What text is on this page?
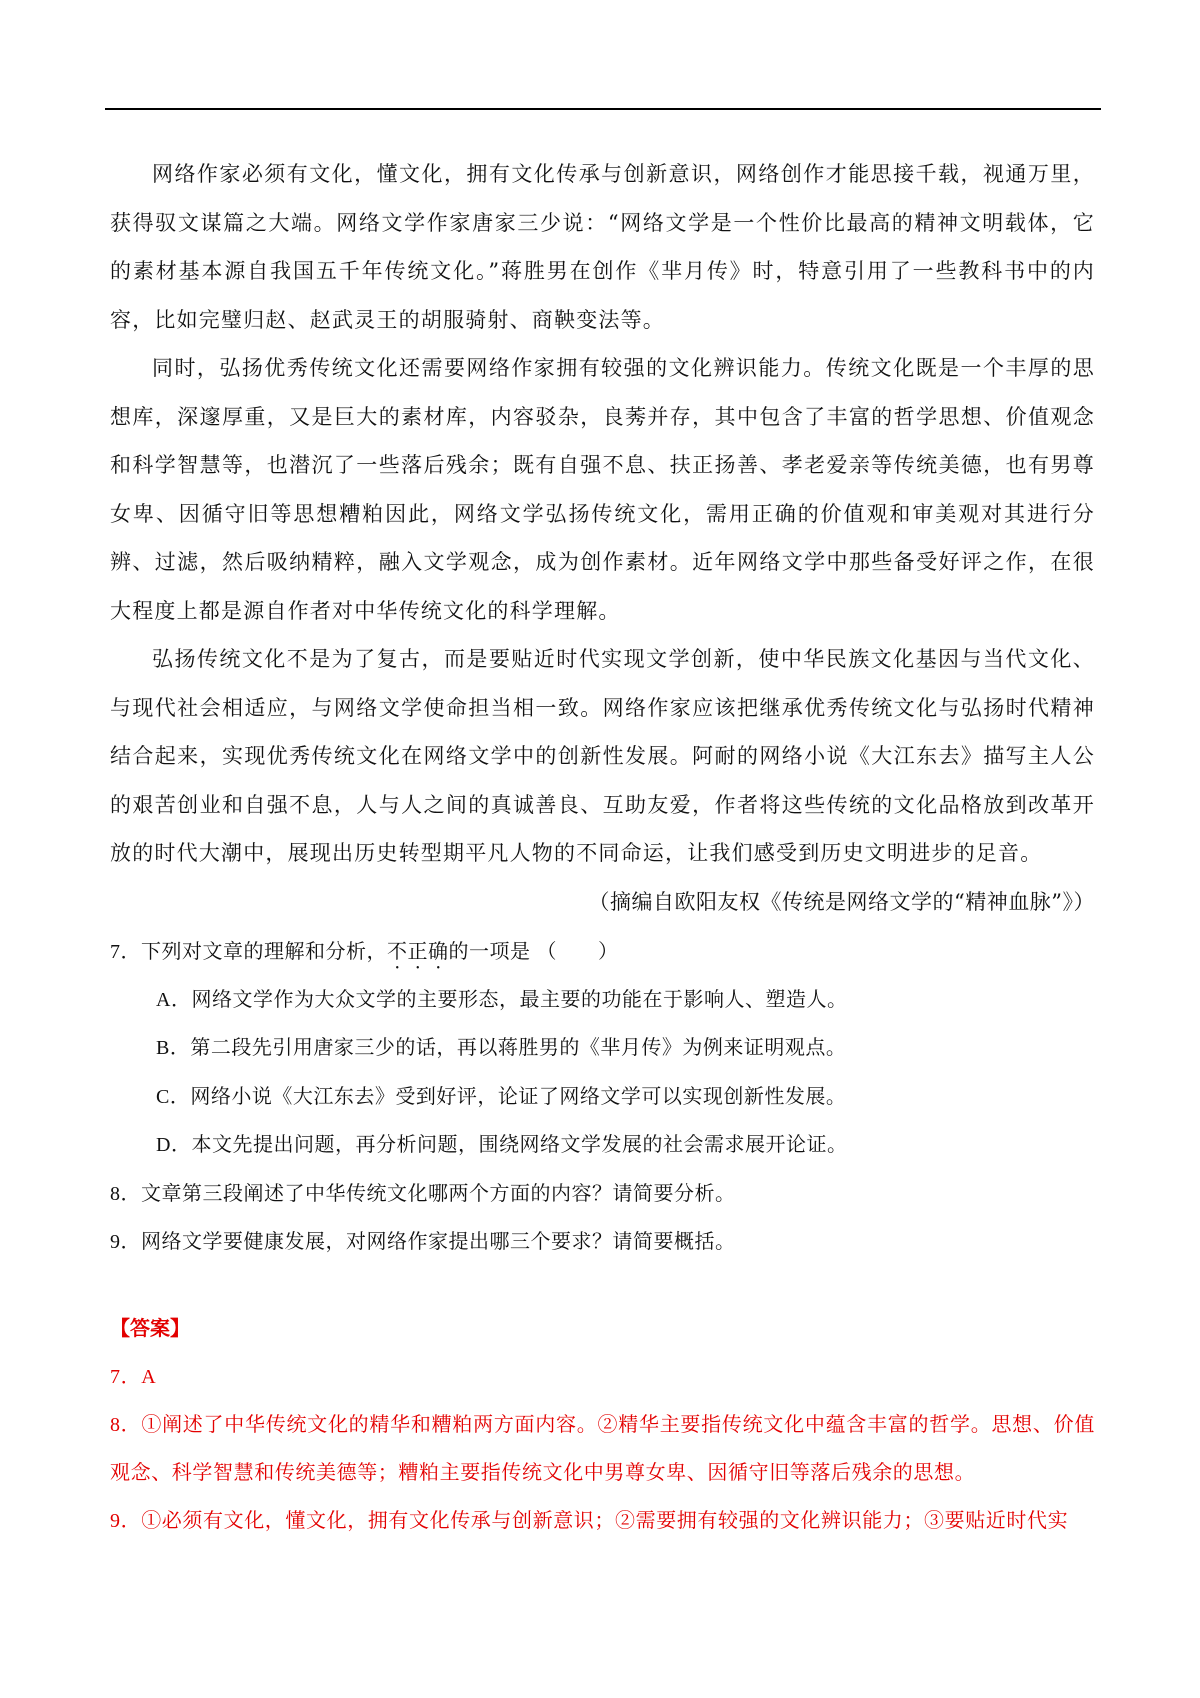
网络作家必须有文化，懂文化，拥有文化传承与创新意识，网络创作才能思接千载，视通万里，获得驭文谋篇之大端。网络文学作家唐家三少说：“网络文学是一个性价比最高的精神文明载体，它的素材基本源自我国五千年传统文化。”蒋胜男在创作《芈月传》时，特意引用了一些教科书中的内容，比如完璧归赵、赵武灵王的胡服骑射、商鞅变法等。

同时，弘扬优秀传统文化还需要网络作家拥有较强的文化辨识能力。传统文化既是一个丰厚的思想库，深邃厚重，又是巨大的素材库，内容驳杂，良莠并存，其中包含了丰富的哲学思想、价值观念和科学智慧等，也潜沉了一些落后残余；既有自强不息、扶正扬善、孝老爱亲等传统美德，也有男尊女卑、因循守旧等思想糟粕因此，网络文学弘扬传统文化，需用正确的价值观和审美观对其进行分辨、过滤，然后吸纳精粹，融入文学观念，成为创作素材。近年网络文学中那些备受好评之作，在很大程度上都是源自作者对中华传统文化的科学理解。

弘扬传统文化不是为了复古，而是要贴近时代实现文学创新，使中华民族文化基因与当代文化、与现代社会相适应，与网络文学使命担当相一致。网络作家应该把继承优秀传统文化与弘扬时代精神结合起来，实现优秀传统文化在网络文学中的创新性发展。阿耐的网络小说《大江东去》描写主人公的艰苦创业和自强不息，人与人之间的真诚善良、互助友爱，作者将这些传统的文化品格放到改革开放的时代大潮中，展现出历史转型期平凡人物的不同命运，让我们感受到历史文明进步的足音。

（摘编自欧阳友权《传统是网络文学的“精神血脉”》）

7．下列对文章的理解和分析，不正确的一项是 （　　）

A．网络文学作为大众文学的主要形态，最主要的功能在于影响人、塑造人。

B．第二段先引用唐家三少的话，再以蒋胜男的《芈月传》为例来证明观点。

C．网络小说《大江东去》受到好评，论证了网络文学可以实现创新性发展。

D．本文先提出问题，再分析问题，围绕网络文学发展的社会需求展开论证。

8．文章第三段阐述了中华传统文化哪两个方面的内容？请简要分析。

9．网络文学要健康发展，对网络作家提出哪三个要求？请简要概括。

【答案】

7．A

8．①阐述了中华传统文化的精华和糟粕两方面内容。②精华主要指传统文化中蕴含丰富的哲学。思想、价值观念、科学智慧和传统美德等；糟粕主要指传统文化中男尊女卑、因循守旧等落后残余的思想。

9．①必须有文化，懂文化，拥有文化传承与创新意识；②需要拥有较强的文化辨识能力；③要贴近时代实
